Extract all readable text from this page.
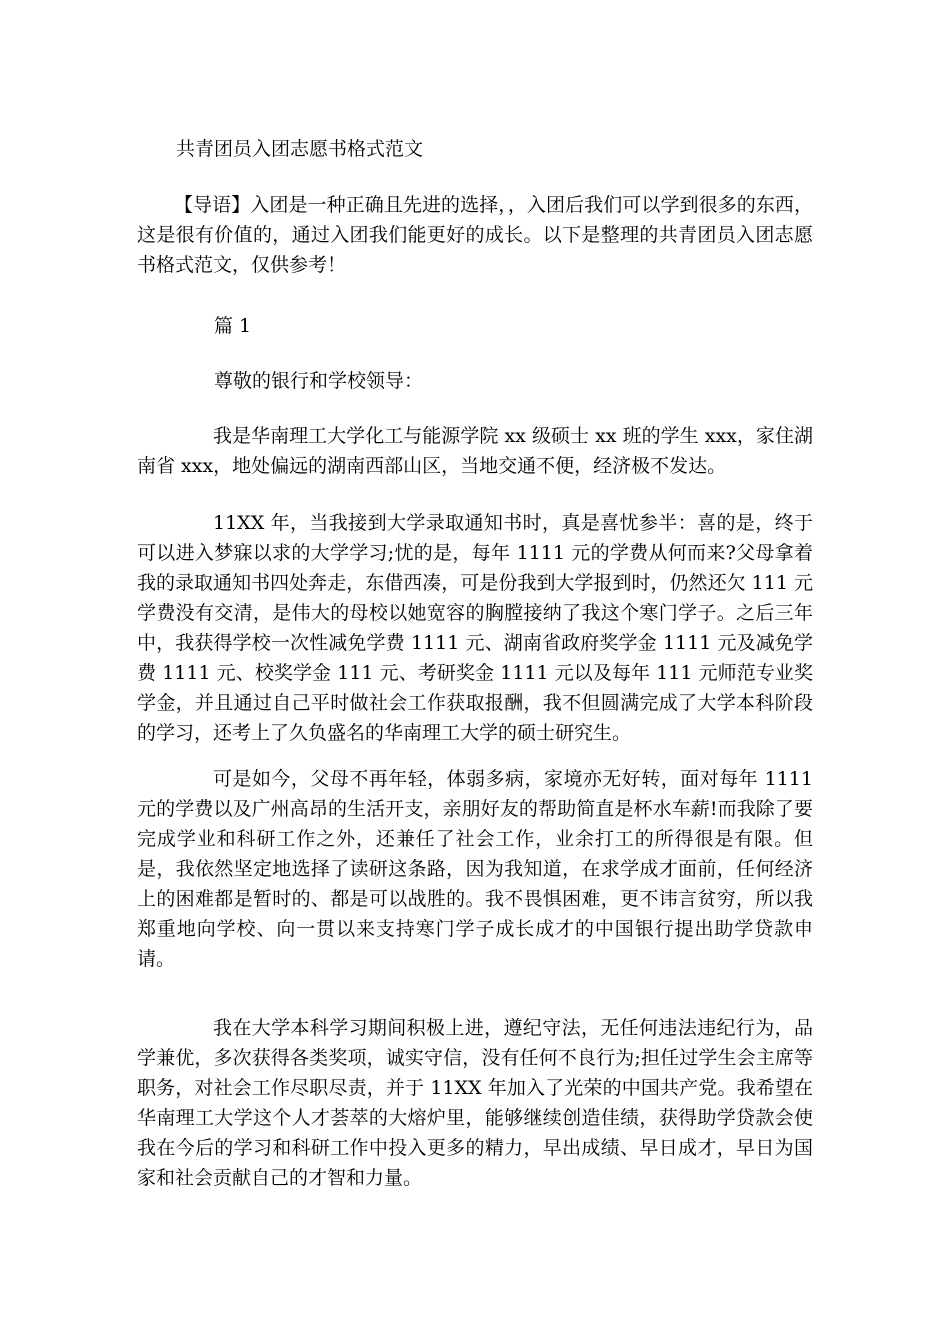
共青团员入团志愿书格式范文

【导语】入团是一种正确且先进的选择，，入团后我们可以学到很多的东西，这是很有价值的，通过入团我们能更好的成长。以下是整理的共青团员入团志愿书格式范文，仅供参考！

篇 1
尊敬的银行和学校领导：

我是华南理工大学化工与能源学院 xx 级硕士 xx 班的学生 xxx，家住湖南省 xxx，地处偏远的湖南西部山区，当地交通不便，经济极不发达。

11XX 年，当我接到大学录取通知书时，真是喜忧参半：喜的是，终于可以进入梦寐以求的大学学习;忧的是，每年 1111 元的学费从何而来?父母拿着我的录取通知书四处奔走，东借西凑，可是份我到大学报到时，仍然还欠 111 元学费没有交清，是伟大的母校以她宽容的胸膛接纳了我这个寒门学子。之后三年中，我获得学校一次性减免学费 1111 元、湖南省政府奖学金 1111 元及减免学费 1111 元、校奖学金 111 元、考研奖金 1111 元以及每年 111 元师范专业奖学金，并且通过自己平时做社会工作获取报酬，我不但圆满完成了大学本科阶段的学习，还考上了久负盛名的华南理工大学的硕士研究生。

可是如今，父母不再年轻，体弱多病，家境亦无好转，面对每年 1111 元的学费以及广州高昂的生活开支，亲朋好友的帮助简直是杯水车薪!而我除了要完成学业和科研工作之外，还兼任了社会工作，业余打工的所得很是有限。但是，我依然坚定地选择了读研这条路，因为我知道，在求学成才面前，任何经济上的困难都是暂时的、都是可以战胜的。我不畏惧困难，更不讳言贫穷，所以我郑重地向学校、向一贯以来支持寒门学子成长成才的中国银行提出助学贷款申请。

我在大学本科学习期间积极上进，遵纪守法，无任何违法违纪行为，品学兼优，多次获得各类奖项，诚实守信，没有任何不良行为;担任过学生会主席等职务，对社会工作尽职尽责，并于 11XX 年加入了光荣的中国共产党。我希望在华南理工大学这个人才荟萃的大熔炉里，能够继续创造佳绩，获得助学贷款会使我在今后的学习和科研工作中投入更多的精力，早出成绩、早日成才，早日为国家和社会贡献自己的才智和力量。
